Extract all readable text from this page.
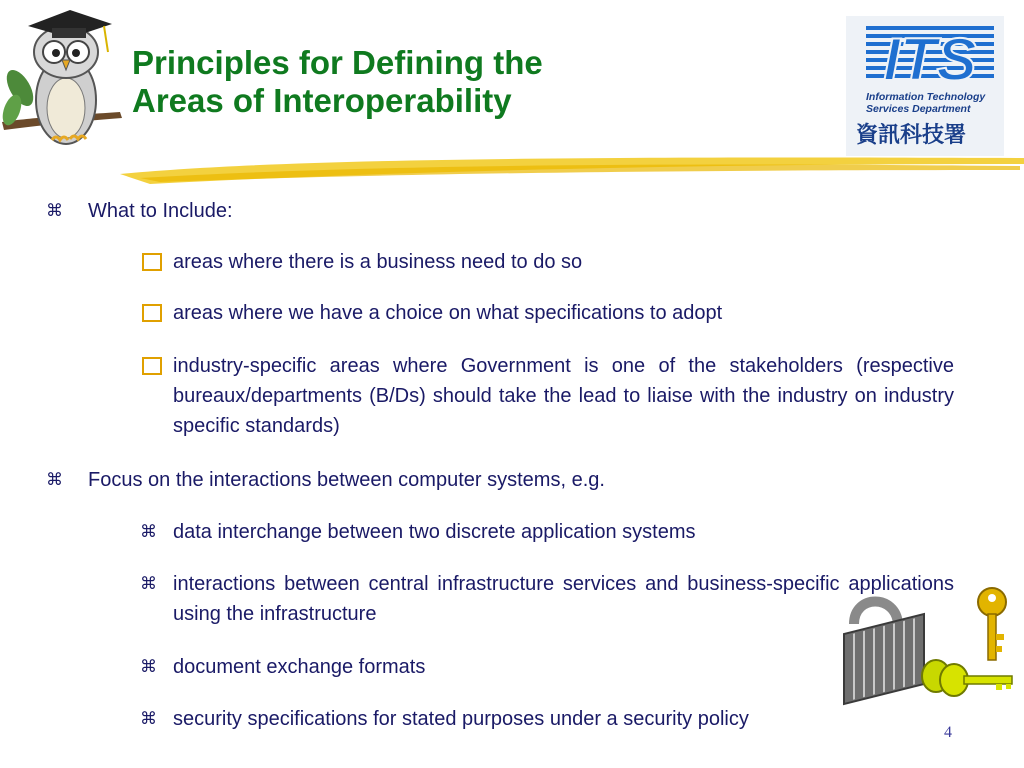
Principles for Defining the
Areas of Interoperability
ITS
Information Technology
Services Department
資訊科技署
⌘ What to Include:
areas where there is a business need to do so
areas where we have a choice on what specifications to adopt
industry-specific areas where Government is one of the stakeholders (respective bureaux/departments (B/Ds) should take the lead to liaise with the industry on industry specific standards)
⌘ Focus on the interactions between computer systems, e.g.
⌘ data interchange between two discrete application systems
⌘ interactions between central infrastructure services and business-specific applications using the infrastructure
⌘ document exchange formats
⌘ security specifications for stated purposes under a security policy
4
